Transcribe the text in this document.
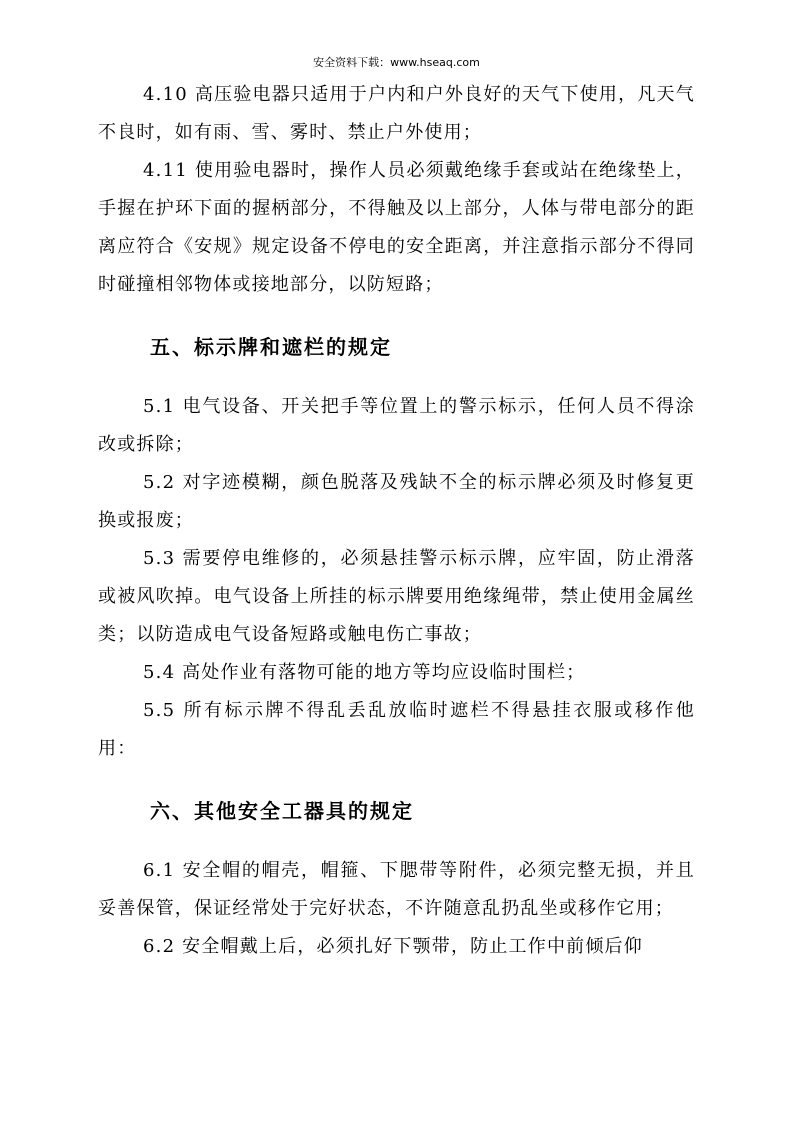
安全资料下载：www.hseaq.com

4.10 高压验电器只适用于户内和户外良好的天气下使用，凡天气不良时，如有雨、雪、雾时、禁止户外使用；

4.11 使用验电器时，操作人员必须戴绝缘手套或站在绝缘垫上，手握在护环下面的握柄部分，不得触及以上部分，人体与带电部分的距离应符合《安规》规定设备不停电的安全距离，并注意指示部分不得同时碰撞相邻物体或接地部分，以防短路；

五、标示牌和遮栏的规定

5.1 电气设备、开关把手等位置上的警示标示，任何人员不得涂改或拆除；

5.2 对字迹模糊，颜色脱落及残缺不全的标示牌必须及时修复更换或报废；

5.3 需要停电维修的，必须悬挂警示标示牌，应牢固，防止滑落或被风吹掉。电气设备上所挂的标示牌要用绝缘绳带，禁止使用金属丝类；以防造成电气设备短路或触电伤亡事故；

5.4 高处作业有落物可能的地方等均应设临时围栏；

5.5 所有标示牌不得乱丢乱放临时遮栏不得悬挂衣服或移作他用：

六、其他安全工器具的规定

6.1 安全帽的帽壳，帽箍、下腮带等附件，必须完整无损，并且妥善保管，保证经常处于完好状态，不许随意乱扔乱坐或移作它用；

6.2 安全帽戴上后，必须扎好下颚带，防止工作中前倾后仰
